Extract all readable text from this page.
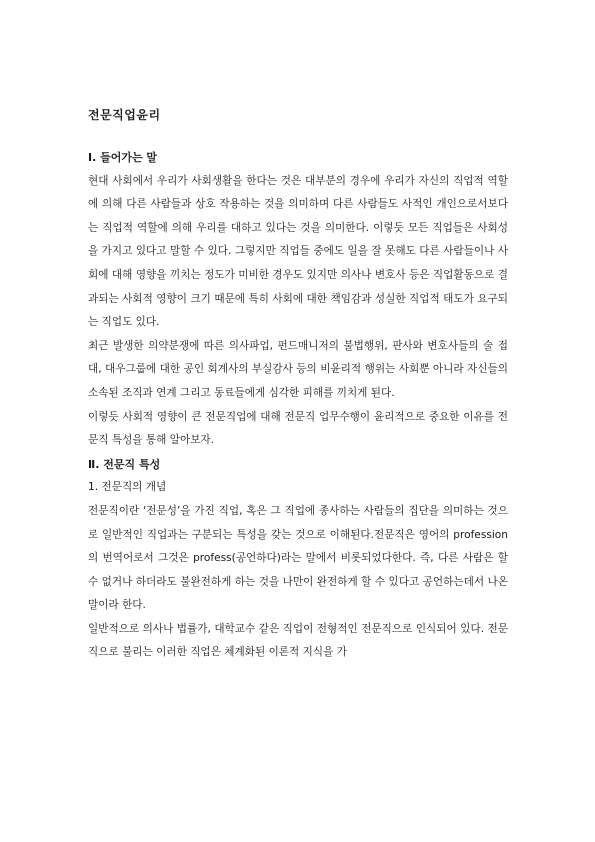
전문직업윤리
Ⅰ. 들어가는 말

현대 사회에서 우리가 사회생활을 한다는 것은 대부분의 경우에 우리가 자신의 직업적 역할에 의해 다른 사람들과 상호 작용하는 것을 의미하며 다른 사람들도 사적인 개인으로서보다는 직업적 역할에 의해 우리를 대하고 있다는 것을 의미한다. 이렇듯 모든 직업들은 사회성을 가지고 있다고 말할 수 있다. 그렇지만 직업들 중에도 일을 잘 못해도 다른 사람들이나 사회에 대해 영향을 끼치는 정도가 미비한 경우도 있지만 의사나 변호사 등은 직업활동으로 결과되는 사회적 영향이 크기 때문에 특히 사회에 대한 책임감과 성실한 직업적 태도가 요구되는 직업도 있다.

최근 발생한 의약분쟁에 따른 의사파업, 펀드매니저의 불법행위, 판사와 변호사들의 술 접대, 대우그룹에 대한 공인 회계사의 부실감사 등의 비윤리적 행위는 사회뿐 아니라 자신들의 소속된 조직과 연계 그리고 동료들에게 심각한 피해를 끼치게 된다.

이렇듯 사회적 영향이 큰 전문직업에 대해 전문직 업무수행이 윤리적으로 중요한 이유를 전문직 특성을 통해 알아보자.

Ⅱ. 전문직 특성
1. 전문직의 개념

전문직이란 ‘전문성’을 가진 직업, 혹은 그 직업에 종사하는 사람들의 집단을 의미하는 것으로 일반적인 직업과는 구분되는 특성을 갖는 것으로 이해된다.전문직은 영어의 profession의 번역어로서 그것은 profess(공언하다)라는 말에서 비롯되었다한다. 즉, 다른 사람은 할 수 없거나 하더라도 불완전하게 하는 것을 나만이 완전하게 할 수 있다고 공언하는데서 나온 말이라 한다.

일반적으로 의사나 법률가, 대학교수 같은 직업이 전형적인 전문직으로 인식되어 있다. 전문직으로 불리는 이러한 직업은 체계화된 이론적 지식을 가
